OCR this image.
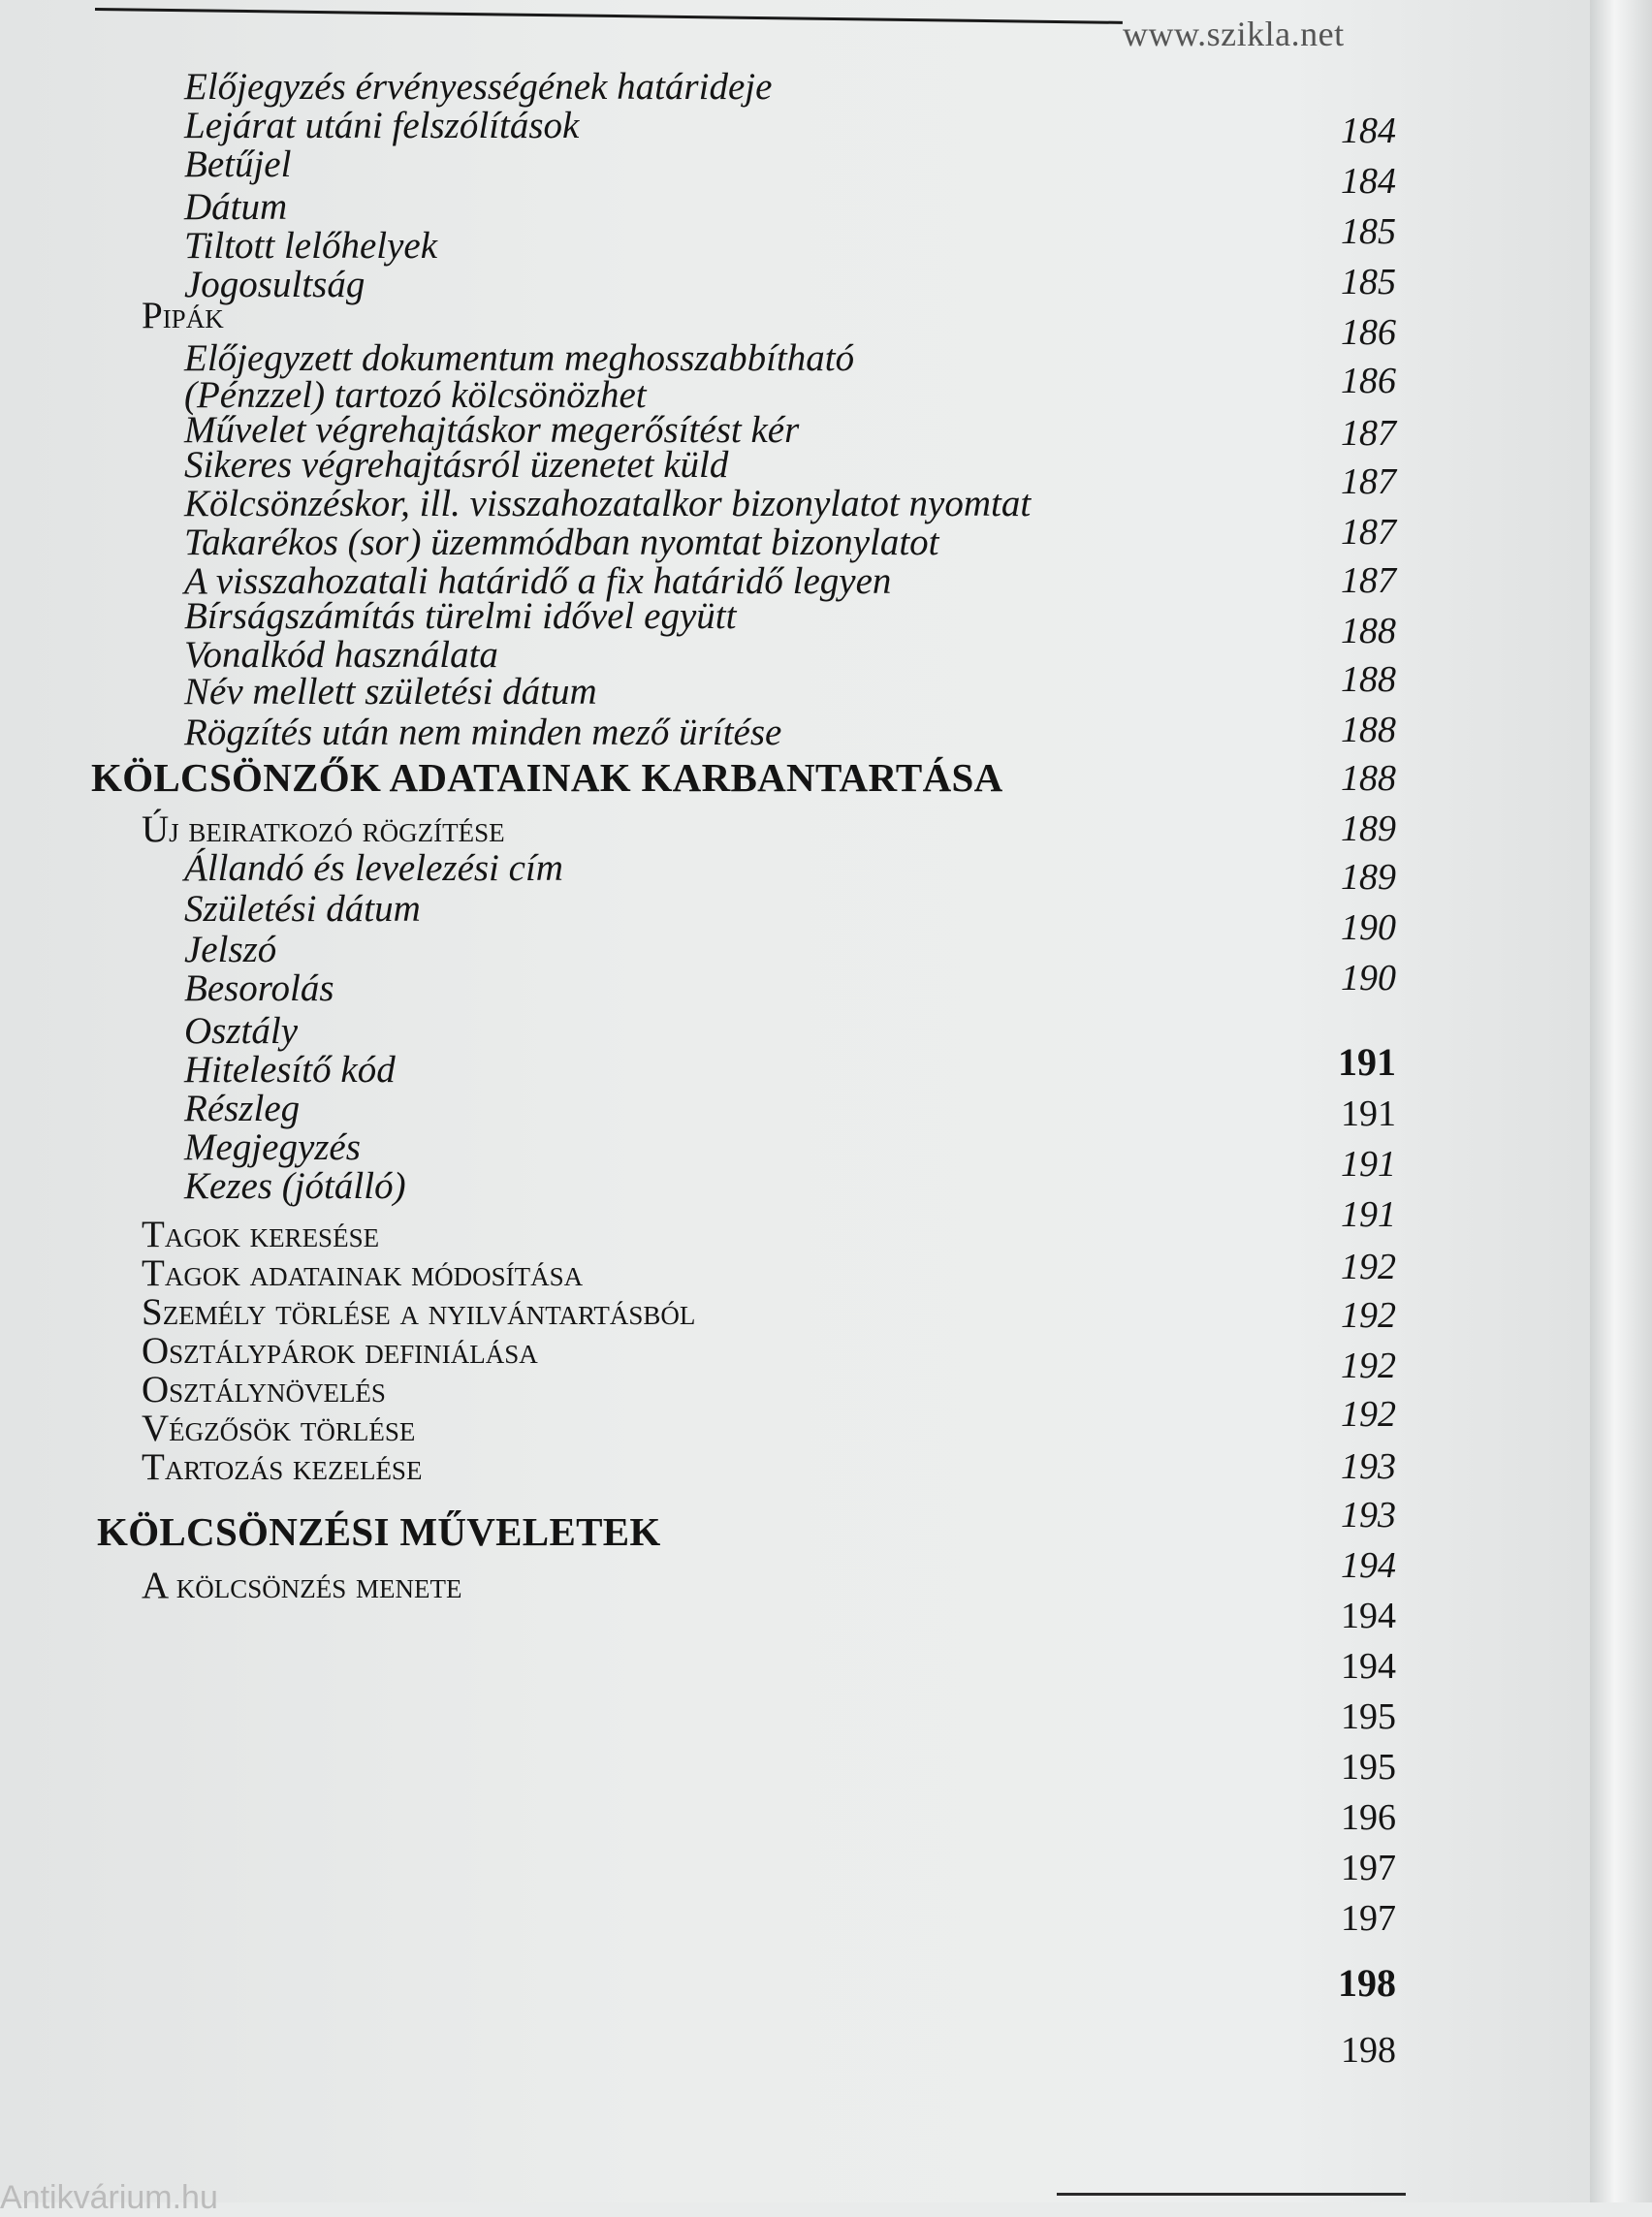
www.szikla.net
Előjegyzés érvényességének határideje
Lejárat utáni felszólítások
Betűjel
Dátum
Tiltott lelőhelyek
Jogosultság
Pipák
Előjegyzett dokumentum meghosszabbítható
(Pénzzel) tartozó kölcsönözhet
Művelet végrehajtáskor megerősítést kér
Sikeres végrehajtásról üzenetet küld
Kölcsönzéskor, ill. visszahozatalkor bizonylatot nyomtat
Takarékos (sor) üzemmódban nyomtat bizonylatot
A visszahozatali határidő a fix határidő legyen
Bírságszámítás türelmi idővel együtt
Vonalkód használata
Név mellett születési dátum
Rögzítés után nem minden mező ürítése
KÖLCSÖNZŐK ADATAINAK KARBANTARTÁSA
Új beiratkozó rögzítése
Állandó és levelezési cím
Születési dátum
Jelszó
Besorolás
Osztály
Hitelesítő kód
Részleg
Megjegyzés
Kezes (jótálló)
Tagok keresése
Tagok adatainak módosítása
Személy törlése a nyilvántartásból
Osztálypárok definiálása
Osztálynövelés
Végzősök törlése
Tartozás kezelése
KÖLCSÖNZÉSI MŰVELETEK
A kölcsönzés menete
184
184
185
185
186
186
187
187
187
187
188
188
188
188
189
189
190
190
191
191
191
191
192
192
192
192
193
193
194
194
194
195
195
196
197
197
198
198
Antikvárium.hu
